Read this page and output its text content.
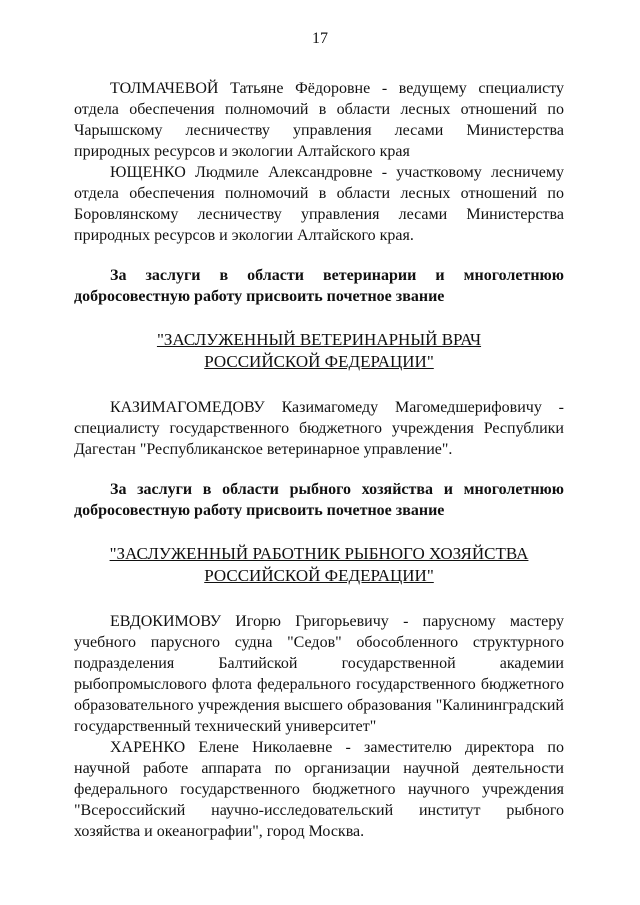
17

ТОЛМАЧЕВОЙ Татьяне Фёдоровне - ведущему специалисту отдела обеспечения полномочий в области лесных отношений по Чарышскому лесничеству управления лесами Министерства природных ресурсов и экологии Алтайского края

ЮЩЕНКО Людмиле Александровне - участковому лесничему отдела обеспечения полномочий в области лесных отношений по Боровлянскому лесничеству управления лесами Министерства природных ресурсов и экологии Алтайского края.

За заслуги в области ветеринарии и многолетнюю добросовестную работу присвоить почетное звание

"ЗАСЛУЖЕННЫЙ ВЕТЕРИНАРНЫЙ ВРАЧ
РОССИЙСКОЙ ФЕДЕРАЦИИ"

КАЗИМАГОМЕДОВУ Казимагомеду Магомедшерифовичу - специалисту государственного бюджетного учреждения Республики Дагестан "Республиканское ветеринарное управление".

За заслуги в области рыбного хозяйства и многолетнюю добросовестную работу присвоить почетное звание

"ЗАСЛУЖЕННЫЙ РАБОТНИК РЫБНОГО ХОЗЯЙСТВА
РОССИЙСКОЙ ФЕДЕРАЦИИ"

ЕВДОКИМОВУ Игорю Григорьевичу - парусному мастеру учебного парусного судна "Седов" обособленного структурного подразделения Балтийской государственной академии рыбопромыслового флота федерального государственного бюджетного образовательного учреждения высшего образования "Калининградский государственный технический университет"

ХАРЕНКО Елене Николаевне - заместителю директора по научной работе аппарата по организации научной деятельности федерального государственного бюджетного научного учреждения "Всероссийский научно-исследовательский институт рыбного хозяйства и океанографии", город Москва.
